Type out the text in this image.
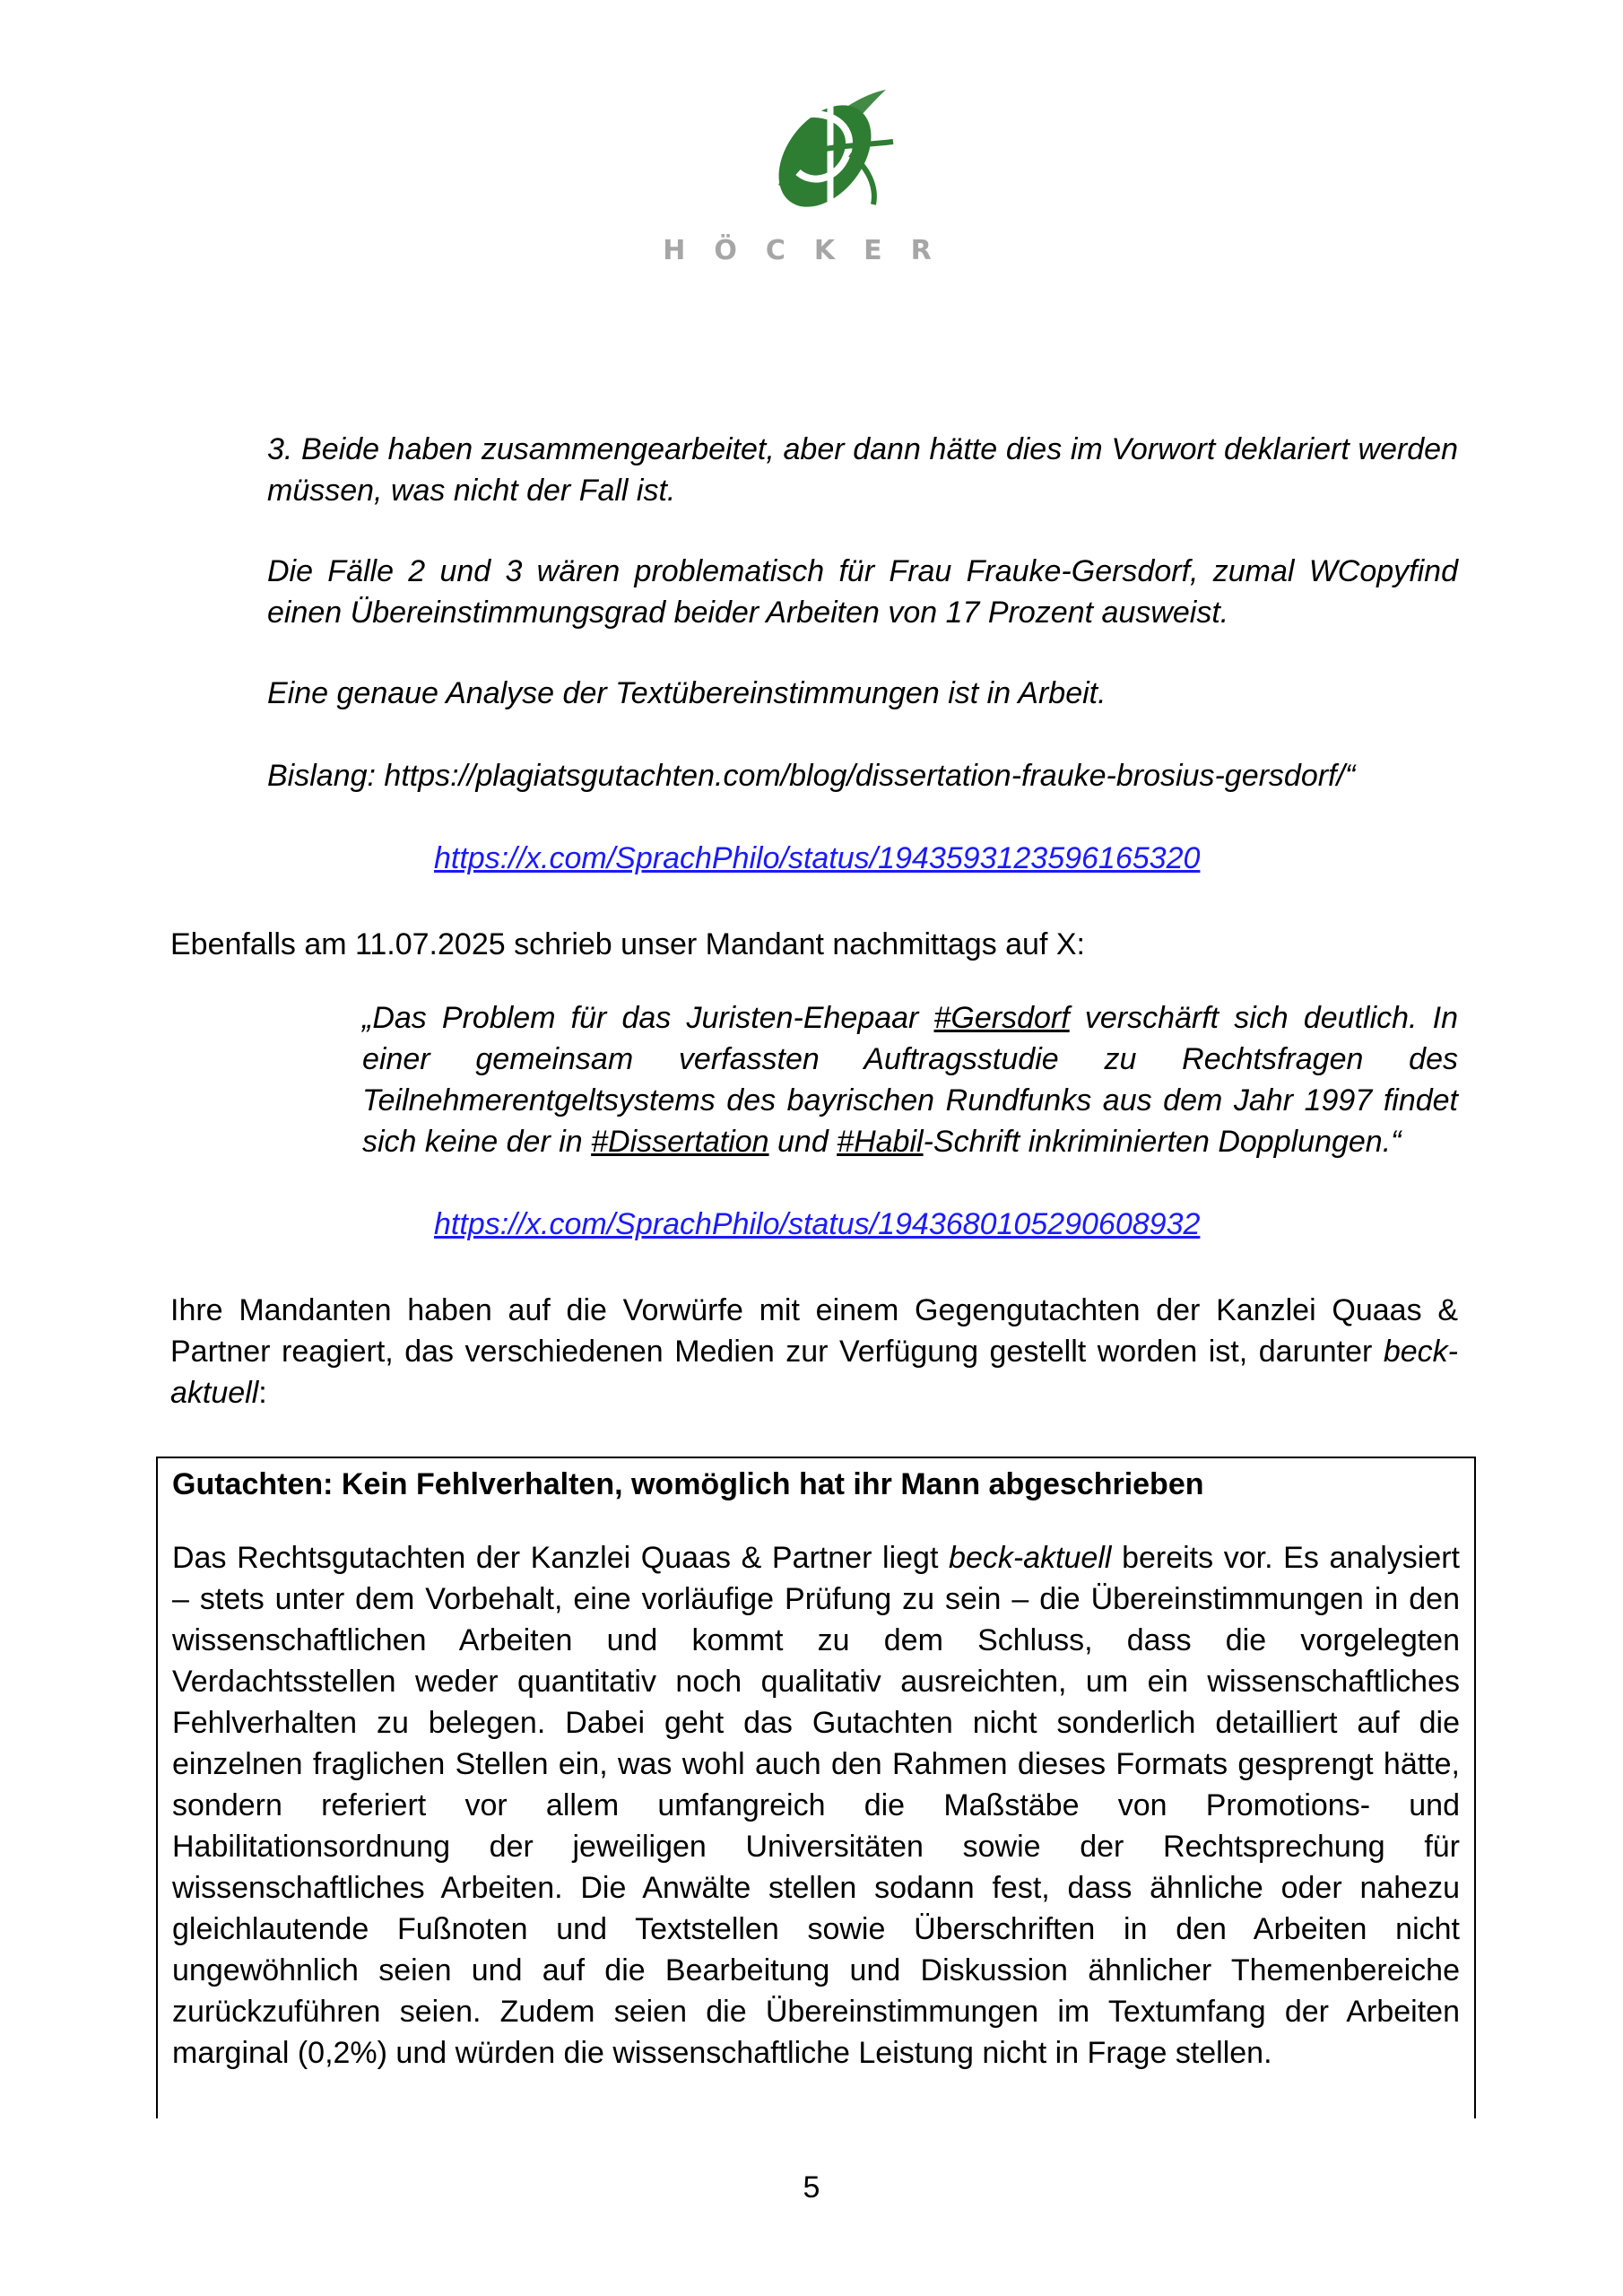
HÖCKER

3. Beide haben zusammengearbeitet, aber dann hätte dies im Vorwort deklariert werden müssen, was nicht der Fall ist.

Die Fälle 2 und 3 wären problematisch für Frau Frauke-Gersdorf, zumal WCopyfind einen Übereinstimmungsgrad beider Arbeiten von 17 Prozent ausweist.

Eine genaue Analyse der Textübereinstimmungen ist in Arbeit.

Bislang: https://plagiatsgutachten.com/blog/dissertation-frauke-brosius-gersdorf/“

https://x.com/SprachPhilo/status/1943593123596165320

Ebenfalls am 11.07.2025 schrieb unser Mandant nachmittags auf X:

„Das Problem für das Juristen-Ehepaar #Gersdorf verschärft sich deutlich. In einer gemeinsam verfassten Auftragsstudie zu Rechtsfragen des Teilnehmerentgeltsystems des bayrischen Rundfunks aus dem Jahr 1997 findet sich keine der in #Dissertation und #Habil-Schrift inkriminierten Dopplungen.“

https://x.com/SprachPhilo/status/1943680105290608932

Ihre Mandanten haben auf die Vorwürfe mit einem Gegengutachten der Kanzlei Quaas & Partner reagiert, das verschiedenen Medien zur Verfügung gestellt worden ist, darunter beck-aktuell:

Gutachten: Kein Fehlverhalten, womöglich hat ihr Mann abgeschrieben

Das Rechtsgutachten der Kanzlei Quaas & Partner liegt beck-aktuell bereits vor. Es analysiert – stets unter dem Vorbehalt, eine vorläufige Prüfung zu sein – die Übereinstimmungen in den wissenschaftlichen Arbeiten und kommt zu dem Schluss, dass die vorgelegten Verdachtsstellen weder quantitativ noch qualitativ ausreichten, um ein wissenschaftliches Fehlverhalten zu belegen. Dabei geht das Gutachten nicht sonderlich detailliert auf die einzelnen fraglichen Stellen ein, was wohl auch den Rahmen dieses Formats gesprengt hätte, sondern referiert vor allem umfangreich die Maßstäbe von Promotions- und Habilitationsordnung der jeweiligen Universitäten sowie der Rechtsprechung für wissenschaftliches Arbeiten. Die Anwälte stellen sodann fest, dass ähnliche oder nahezu gleichlautende Fußnoten und Textstellen sowie Überschriften in den Arbeiten nicht ungewöhnlich seien und auf die Bearbeitung und Diskussion ähnlicher Themenbereiche zurückzuführen seien. Zudem seien die Übereinstimmungen im Textumfang der Arbeiten marginal (0,2%) und würden die wissenschaftliche Leistung nicht in Frage stellen.

5
